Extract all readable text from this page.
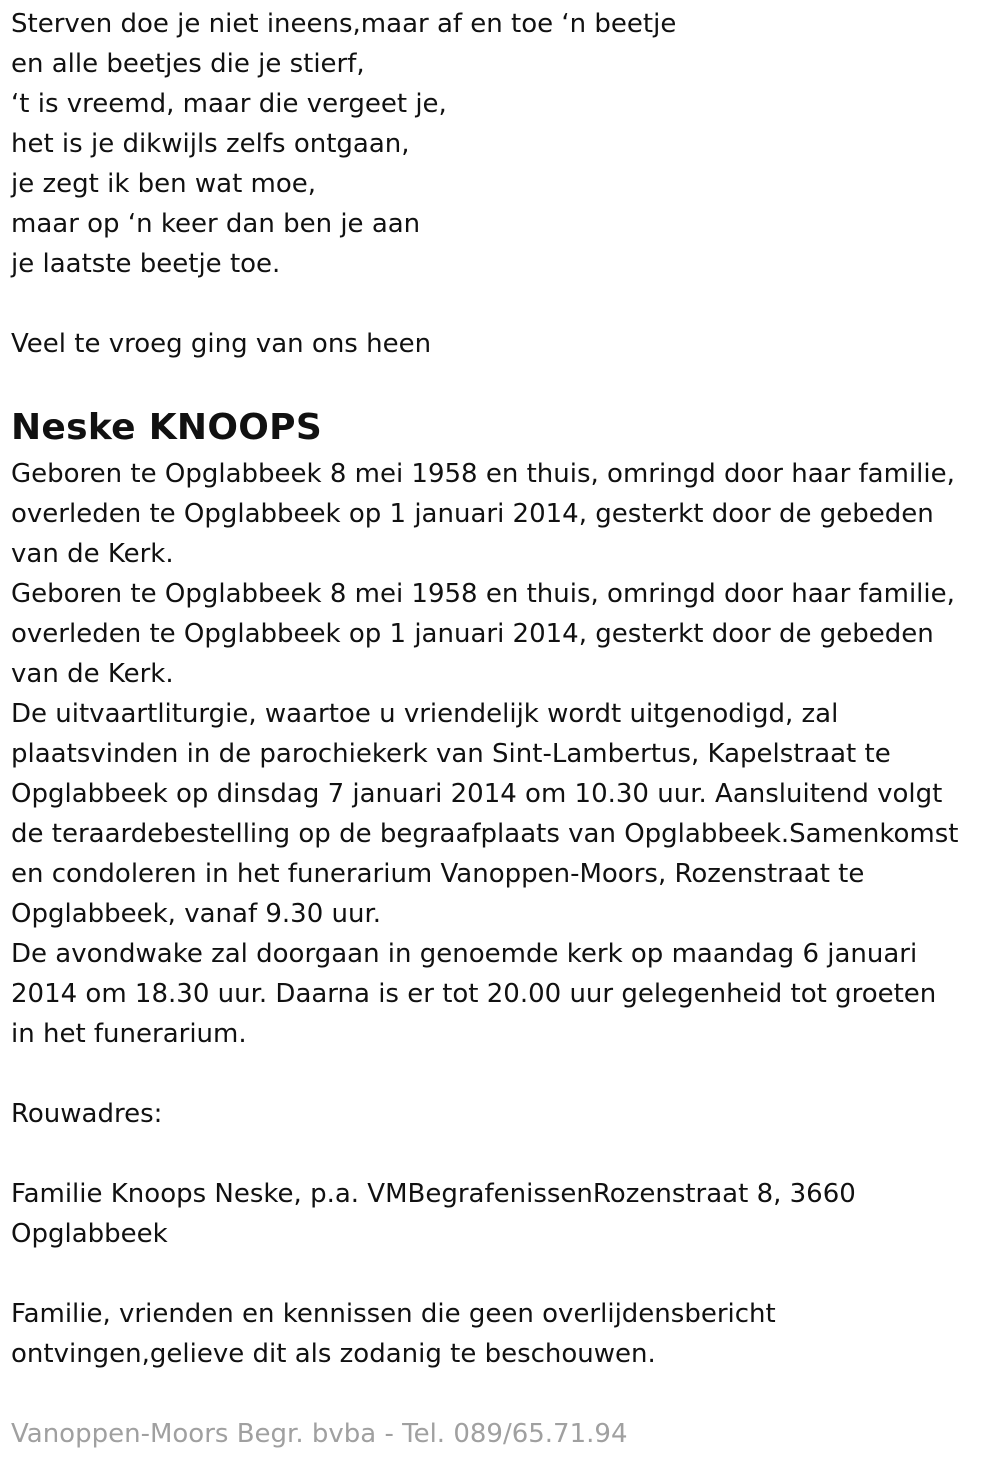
Sterven doe je niet ineens,maar af en toe ‘n beetje

en alle beetjes die je stierf,

‘t is vreemd, maar die vergeet je,

het is je dikwijls zelfs ontgaan,

je zegt ik ben wat moe,

maar op ‘n keer dan ben je aan

je laatste beetje toe.

Veel te vroeg ging van ons heen

Neske KNOOPS

Geboren te Opglabbeek 8 mei 1958 en thuis, omringd door haar familie,

overleden te Opglabbeek op 1 januari 2014, gesterkt door de gebeden

van de Kerk.

Geboren te Opglabbeek 8 mei 1958 en thuis, omringd door haar familie,

overleden te Opglabbeek op 1 januari 2014, gesterkt door de gebeden

van de Kerk.

De uitvaartliturgie, waartoe u vriendelijk wordt uitgenodigd, zal

plaatsvinden in de parochiekerk van Sint-Lambertus, Kapelstraat te

Opglabbeek op dinsdag 7 januari 2014 om 10.30 uur. Aansluitend volgt

de teraardebestelling op de begraafplaats van Opglabbeek.Samenkomst

en condoleren in het funerarium Vanoppen-Moors, Rozenstraat te

Opglabbeek, vanaf 9.30 uur.

De avondwake zal doorgaan in genoemde kerk op maandag 6 januari

2014 om 18.30 uur. Daarna is er tot 20.00 uur gelegenheid tot groeten

in het funerarium.

Rouwadres:

Familie Knoops Neske, p.a. VMBegrafenissenRozenstraat 8, 3660

Opglabbeek

Familie, vrienden en kennissen die geen overlijdensbericht

ontvingen,gelieve dit als zodanig te beschouwen.

Vanoppen-Moors Begr. bvba - Tel. 089/65.71.94
